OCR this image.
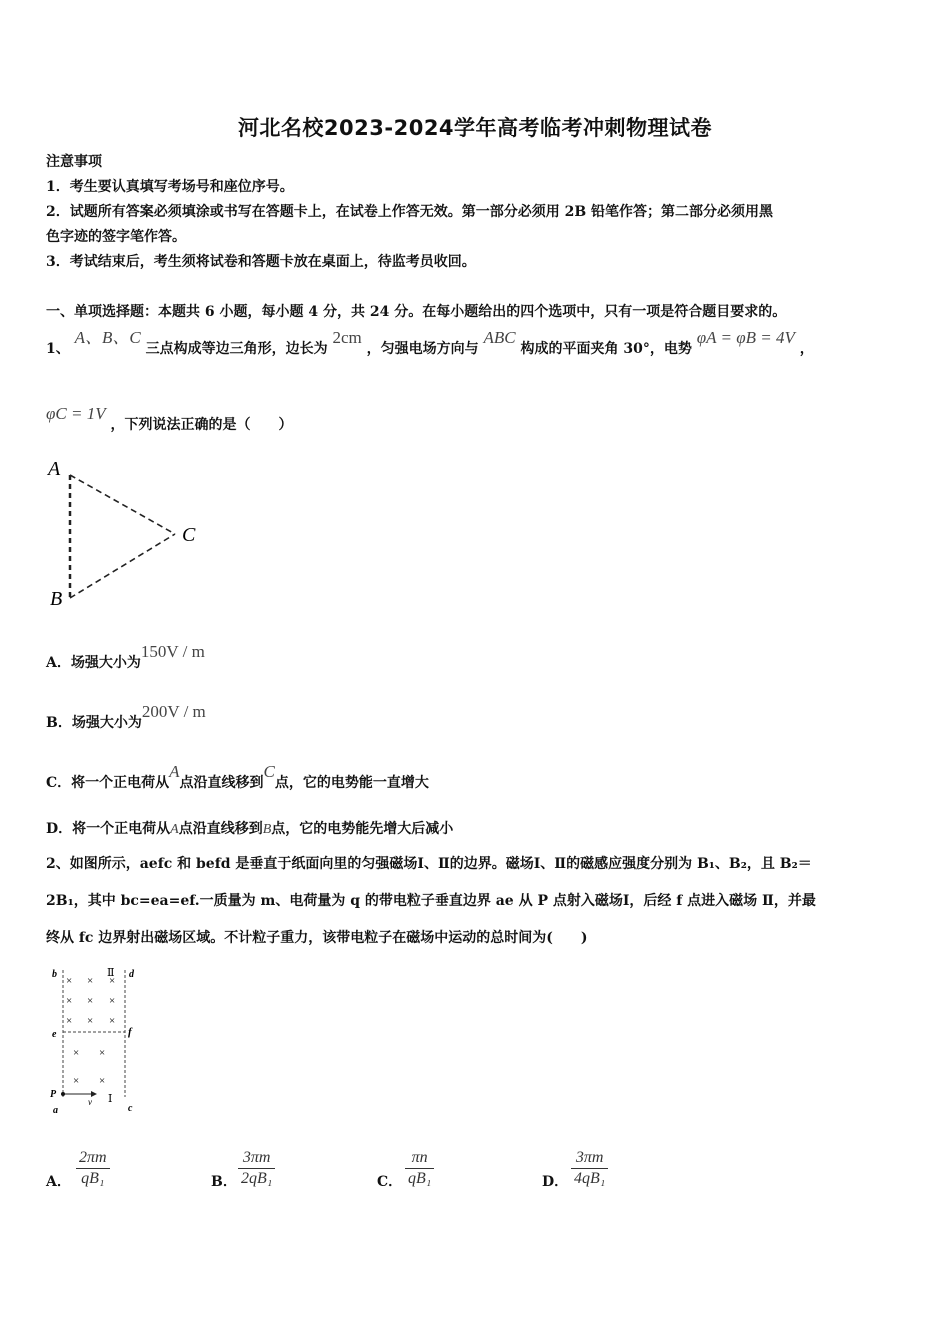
河北名校2023-2024学年高考临考冲刺物理试卷
注意事项
1．考生要认真填写考场号和座位序号。
2．试题所有答案必须填涂或书写在答题卡上，在试卷上作答无效。第一部分必须用 2B 铅笔作答；第二部分必须用黑
色字迹的签字笔作答。
3．考试结束后，考生须将试卷和答题卡放在桌面上，待监考员收回。
一、单项选择题：本题共 6 小题，每小题 4 分，共 24 分。在每小题给出的四个选项中，只有一项是符合题目要求的。
1、 A、B、C 三点构成等边三角形，边长为 2cm ，匀强电场方向与 ABC 构成的平面夹角 30°，电势 φA = φB = 4V ，
φC = 1V ，下列说法正确的是（　　）
A
B
C
A．场强大小为150V / m
B．场强大小为200V / m
C．将一个正电荷从A点沿直线移到C点，它的电势能一直增大
D．将一个正电荷从A点沿直线移到B点，它的电势能先增大后减小
2、如图所示，aefc 和 befd 是垂直于纸面向里的匀强磁场Ⅰ、Ⅱ的边界。磁场Ⅰ、Ⅱ的磁感应强度分别为 B₁、B₂，且 B₂＝
2B₁，其中 bc=ea=ef.一质量为 m、电荷量为 q 的带电粒子垂直边界 ae 从 P 点射入磁场Ⅰ，后经 f 点进入磁场 Ⅱ，并最
终从 fc 边界射出磁场区域。不计粒子重力，该带电粒子在磁场中运动的总时间为(　　)
b	d
Ⅱ
e	f
P
a	c
v Ⅰ
× × ×
× × ×
× × ×
× ×
× ×
A． $\frac{2\pi m}{\text{qB₁}}$	B． $\frac{3\pi m}{\text{2qB₁}}$	C． $\frac{\pi n}{\text{qB₁}}$	D． $\frac{3\pi m}{\text{4qB₁}}$
